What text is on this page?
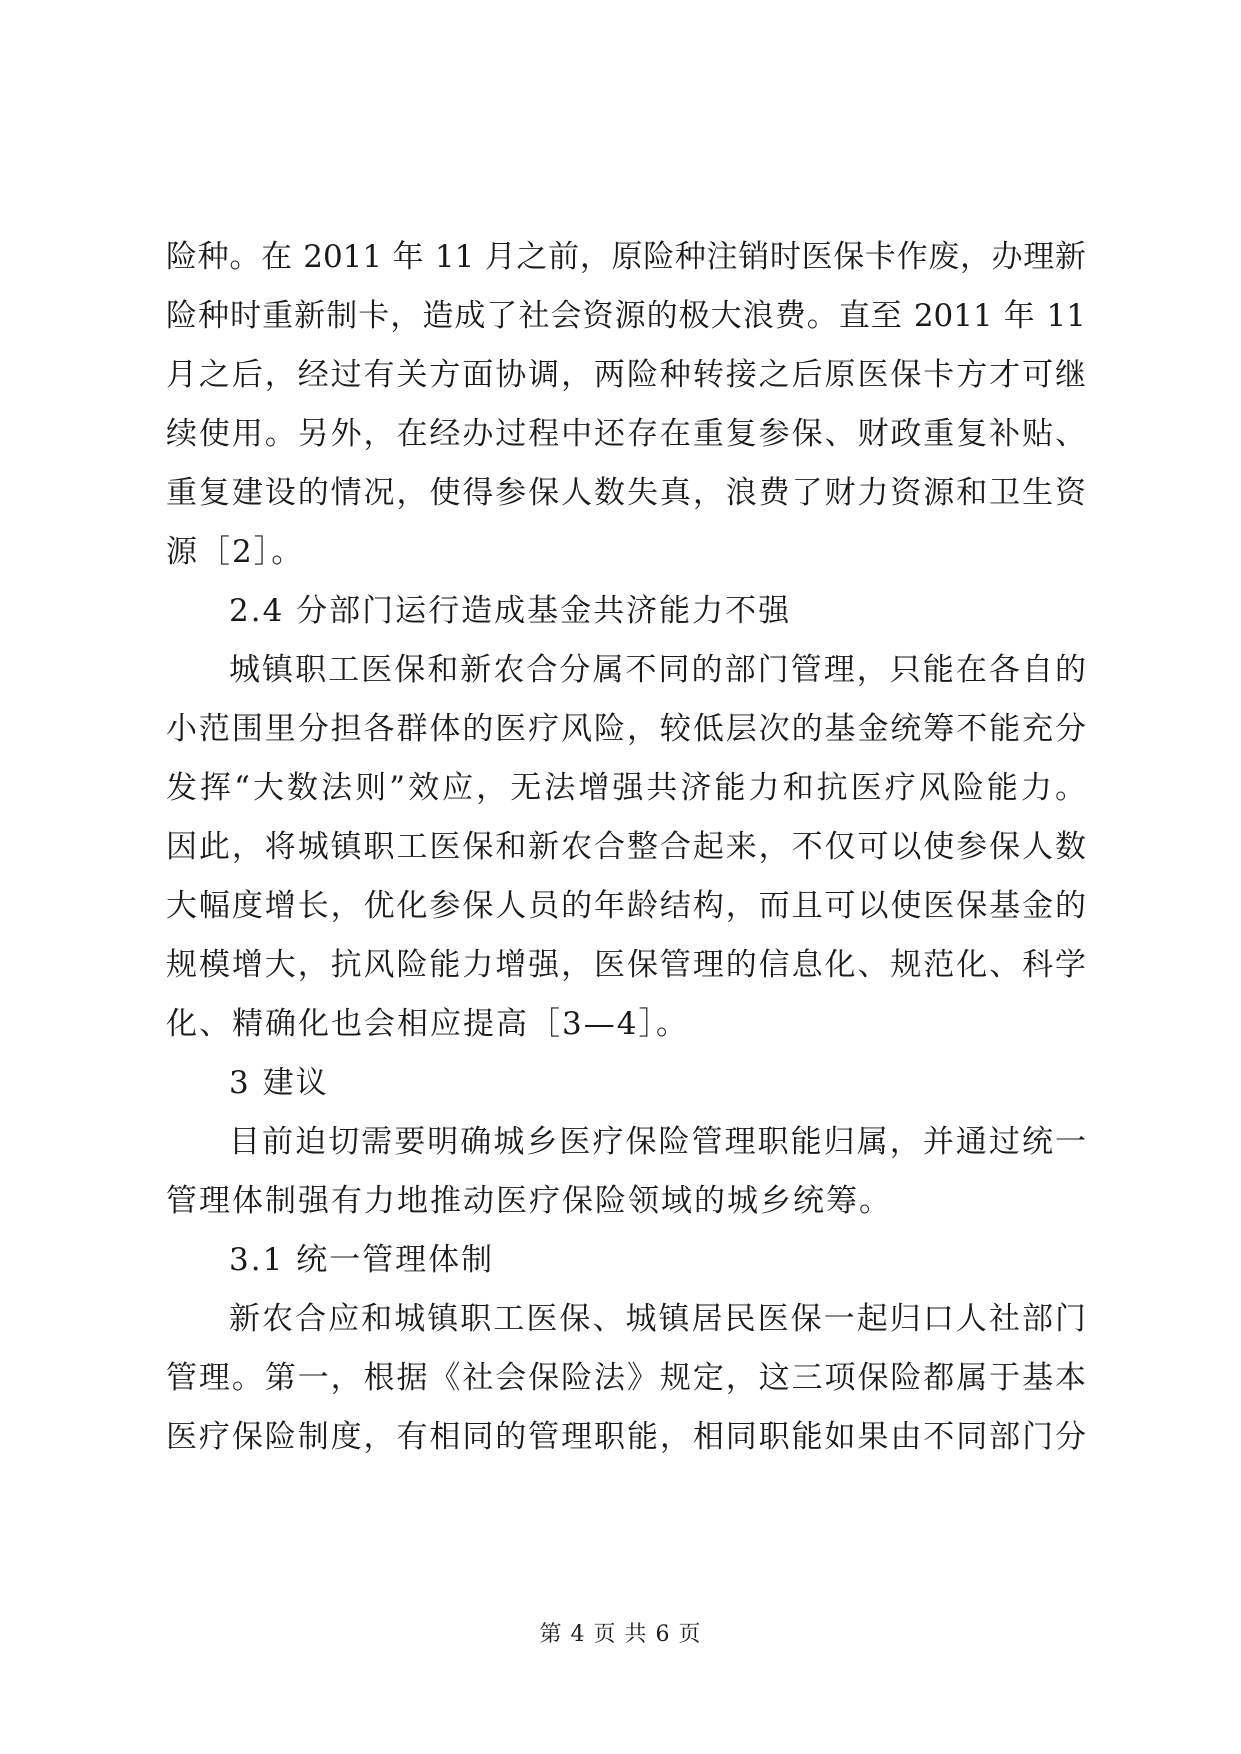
险种。在 2011 年 11 月之前，原险种注销时医保卡作废，办理新
险种时重新制卡，造成了社会资源的极大浪费。直至 2011 年 11
月之后，经过有关方面协调，两险种转接之后原医保卡方才可继
续使用。另外，在经办过程中还存在重复参保、财政重复补贴、
重复建设的情况，使得参保人数失真，浪费了财力资源和卫生资
源［2］。
2.4 分部门运行造成基金共济能力不强
城镇职工医保和新农合分属不同的部门管理，只能在各自的
小范围里分担各群体的医疗风险，较低层次的基金统筹不能充分
发挥“大数法则”效应，无法增强共济能力和抗医疗风险能力。
因此，将城镇职工医保和新农合整合起来，不仅可以使参保人数
大幅度增长，优化参保人员的年龄结构，而且可以使医保基金的
规模增大，抗风险能力增强，医保管理的信息化、规范化、科学
化、精确化也会相应提高［3—4］。
3 建议
目前迫切需要明确城乡医疗保险管理职能归属，并通过统一
管理体制强有力地推动医疗保险领域的城乡统筹。
3.1 统一管理体制
新农合应和城镇职工医保、城镇居民医保一起归口人社部门
管理。第一，根据《社会保险法》规定，这三项保险都属于基本
医疗保险制度，有相同的管理职能，相同职能如果由不同部门分
第 4 页 共 6 页
